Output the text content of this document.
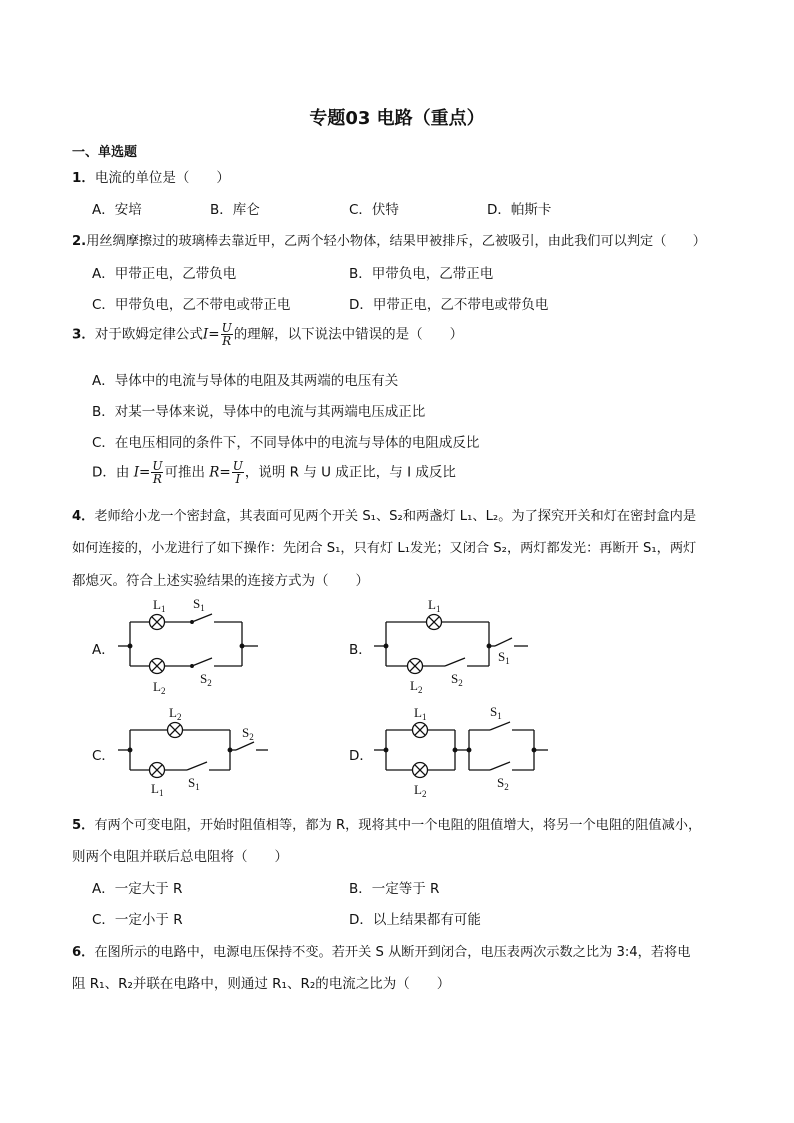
专题03 电路（重点）
一、单选题
1．电流的单位是（　　）
A．安培	B．库仑	C．伏特	D．帕斯卡
2.用丝绸摩擦过的玻璃棒去靠近甲，乙两个轻小物体，结果甲被排斥，乙被吸引，由此我们可以判定（　　）
A．甲带正电，乙带负电	B．甲带负电，乙带正电
C．甲带负电，乙不带电或带正电	D．甲带正电，乙不带电或带负电
3．对于欧姆定律公式$I= \frac{U}{R}$ 的理解，以下说法中错误的是（　　）
A．导体中的电流与导体的电阻及其两端的电压有关
B．对某一导体来说，导体中的电流与其两端电压成正比
C．在电压相同的条件下，不同导体中的电流与导体的电阻成反比
D．由 $I= \frac{U}{R}$ 可推出 $R= \frac{U}{I}$ ，说明 R 与 U 成正比，与 I 成反比
4．老师给小龙一个密封盒，其表面可见两个开关 S₁、S₂和两盏灯 L₁、L₂。为了探究开关和灯在密封盒内是
如何连接的，小龙进行了如下操作：先闭合 S₁，只有灯 L₁发光；又闭合 S₂，两灯都发光：再断开 S₁，两灯
都熄灭。符合上述实验结果的连接方式为（　　）
A．	B．
C．	D．
$L_1$ $S_1$
$L_2$
$S_2$
$L_1$
$S_1$
$L_2$
$S_2$
$L_2$
$S_2$
$L_1$
$S_1$
$L_1$
$L_2$
$S_1$
$S_2$
5．有两个可变电阻，开始时阻值相等，都为 R，现将其中一个电阻的阻值增大，将另一个电阻的阻值减小，
则两个电阻并联后总电阻将（　　）
A．一定大于 R	B．一定等于 R
C．一定小于 R	D．以上结果都有可能
6．在图所示的电路中，电源电压保持不变。若开关 S 从断开到闭合，电压表两次示数之比为 3:4，若将电
阻 R₁、R₂并联在电路中，则通过 R₁、R₂的电流之比为（　　）
